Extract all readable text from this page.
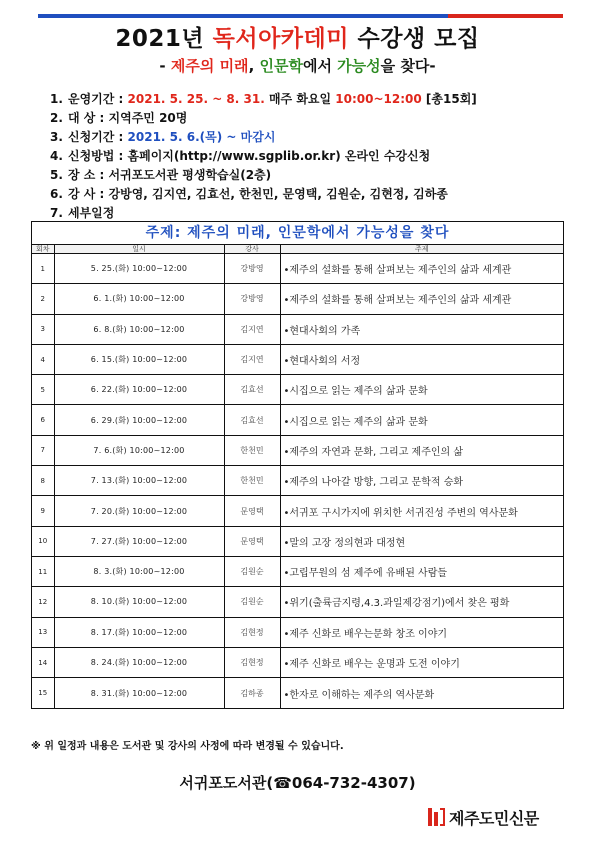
2021년 독서아카데미 수강생 모집
- 제주의 미래, 인문학에서 가능성을 찾다-
1. 운영기간 : 2021. 5. 25. ~ 8. 31. 매주 화요일 10:00~12:00 [총15회]
2. 대 상 : 지역주민 20명
3. 신청기간 : 2021. 5. 6.(목) ~ 마감시
4. 신청방법 : 홈페이지(http://www.sgplib.or.kr) 온라인 수강신청
5. 장 소 : 서귀포도서관 평생학습실(2층)
6. 강 사 : 강방영, 김지연, 김효선, 한천민, 문영택, 김원순, 김현정, 김하종
7. 세부일정
주제: 제주의 미래, 인문학에서 가능성을 찾다
회차	일시	강사	주제
1	5. 25.(화) 10:00~12:00	강방영	•제주의 설화를 통해 살펴보는 제주인의 삶과 세계관
2	6. 1.(화) 10:00~12:00	강방영	•제주의 설화를 통해 살펴보는 제주인의 삶과 세계관
3	6. 8.(화) 10:00~12:00	김지연	•현대사회의 가족
4	6. 15.(화) 10:00~12:00	김지연	•현대사회의 서정
5	6. 22.(화) 10:00~12:00	김효선	•시집으로 읽는 제주의 삶과 문화
6	6. 29.(화) 10:00~12:00	김효선	•시집으로 읽는 제주의 삶과 문화
7	7. 6.(화) 10:00~12:00	한천민	•제주의 자연과 문화, 그리고 제주인의 삶
8	7. 13.(화) 10:00~12:00	한천민	•제주의 나아갈 방향, 그리고 문학적 승화
9	7. 20.(화) 10:00~12:00	문영택	•서귀포 구시가지에 위치한 서귀진성 주변의 역사문화
10	7. 27.(화) 10:00~12:00	문영택	•말의 고장 정의현과 대정현
11	8. 3.(화) 10:00~12:00	김원순	•고립무원의 섬 제주에 유배된 사람들
12	8. 10.(화) 10:00~12:00	김원순	•위기(출륙금지령,4.3.과일제강점기)에서 찾은 평화
13	8. 17.(화) 10:00~12:00	김현정	•제주 신화로 배우는문화 창조 이야기
14	8. 24.(화) 10:00~12:00	김현정	•제주 신화로 배우는 운명과 도전 이야기
15	8. 31.(화) 10:00~12:00	김하종	•한자로 이해하는 제주의 역사문화
※ 위 일정과 내용은 도서관 및 강사의 사정에 따라 변경될 수 있습니다.
서귀포도서관(☎064-732-4307)
제주도민신문
